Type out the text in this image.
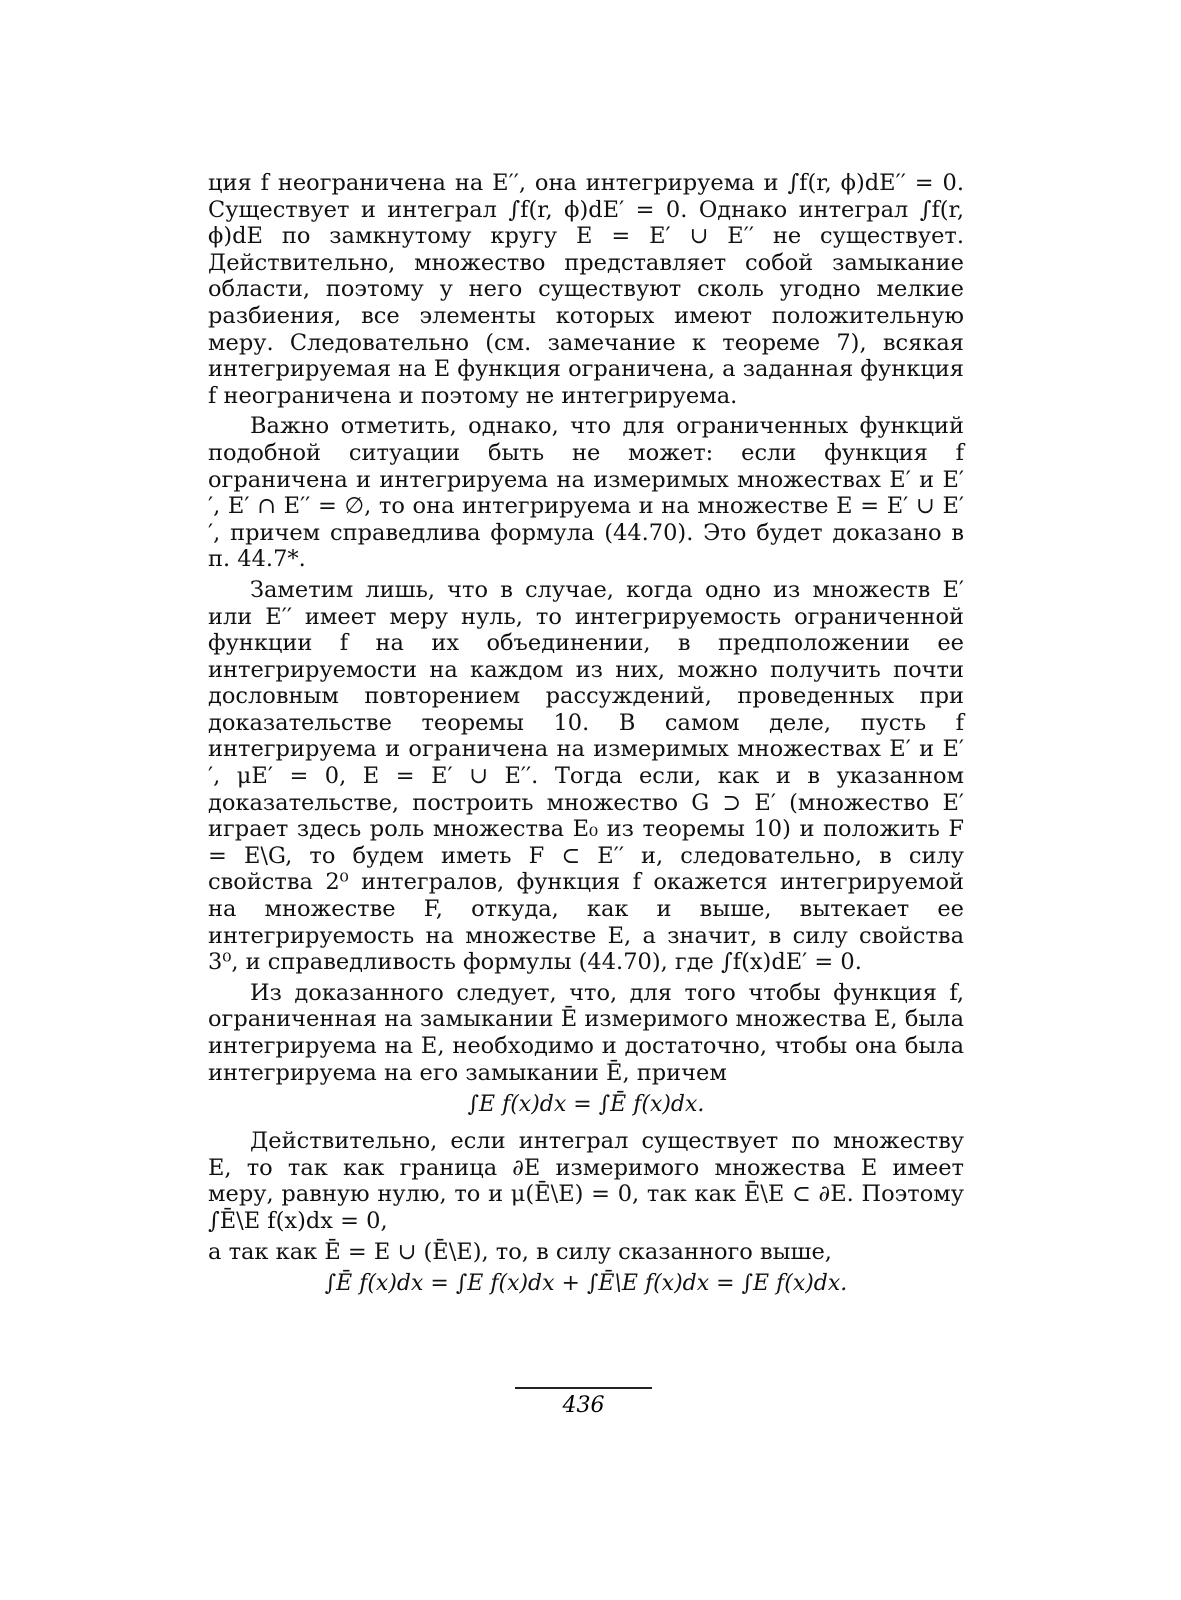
ция f неограничена на E′′, она интегрируема и ∫f(r, ϕ)dE′′ = 0. Существует и интеграл ∫f(r, ϕ)dE′ = 0. Однако интеграл ∫f(r, ϕ)dE по замкнутому кругу E = E′ ∪ E′′ не существует. Действительно, множество представляет собой замыкание области, поэтому у него существуют сколь угодно мелкие разбиения, все элементы которых имеют положительную меру. Следовательно (см. замечание к теореме 7), всякая интегрируемая на E функция ограничена, а заданная функция f неограничена и поэтому не интегрируема.

Важно отметить, однако, что для ограниченных функций подобной ситуации быть не может: если функция f ограничена и интегрируема на измеримых множествах E′ и E′′, E′ ∩ E′′ = ∅, то она интегрируема и на множестве E = E′ ∪ E′′, причем справедлива формула (44.70). Это будет доказано в п. 44.7*.

Заметим лишь, что в случае, когда одно из множеств E′ или E′′ имеет меру нуль, то интегрируемость ограниченной функции f на их объединении, в предположении ее интегрируемости на каждом из них, можно получить почти дословным повторением рассуждений, проведенных при доказательстве теоремы 10. В самом деле, пусть f интегрируема и ограничена на измеримых множествах E′ и E′′, μE′ = 0, E = E′ ∪ E′′. Тогда если, как и в указанном доказательстве, построить множество G ⊃ E′ (множество E′ играет здесь роль множества E₀ из теоремы 10) и положить F = E\G, то будем иметь F ⊂ E′′ и, следовательно, в силу свойства 2⁰ интегралов, функция f окажется интегрируемой на множестве F, откуда, как и выше, вытекает ее интегрируемость на множестве E, а значит, в силу свойства 3⁰, и справедливость формулы (44.70), где ∫f(x)dE′ = 0.

Из доказанного следует, что, для того чтобы функция f, ограниченная на замыкании Ē измеримого множества E, была интегрируема на E, необходимо и достаточно, чтобы она была интегрируема на его замыкании Ē, причем

∫E f(x)dx = ∫Ē f(x)dx.

Действительно, если интеграл существует по множеству E, то так как граница ∂E измеримого множества E имеет меру, равную нулю, то и μ(Ē\E) = 0, так как Ē\E ⊂ ∂E. Поэтому ∫Ē\E f(x)dx = 0,

а так как Ē = E ∪ (Ē\E), то, в силу сказанного выше,

∫Ē f(x)dx = ∫E f(x)dx + ∫Ē\E f(x)dx = ∫E f(x)dx.
436
